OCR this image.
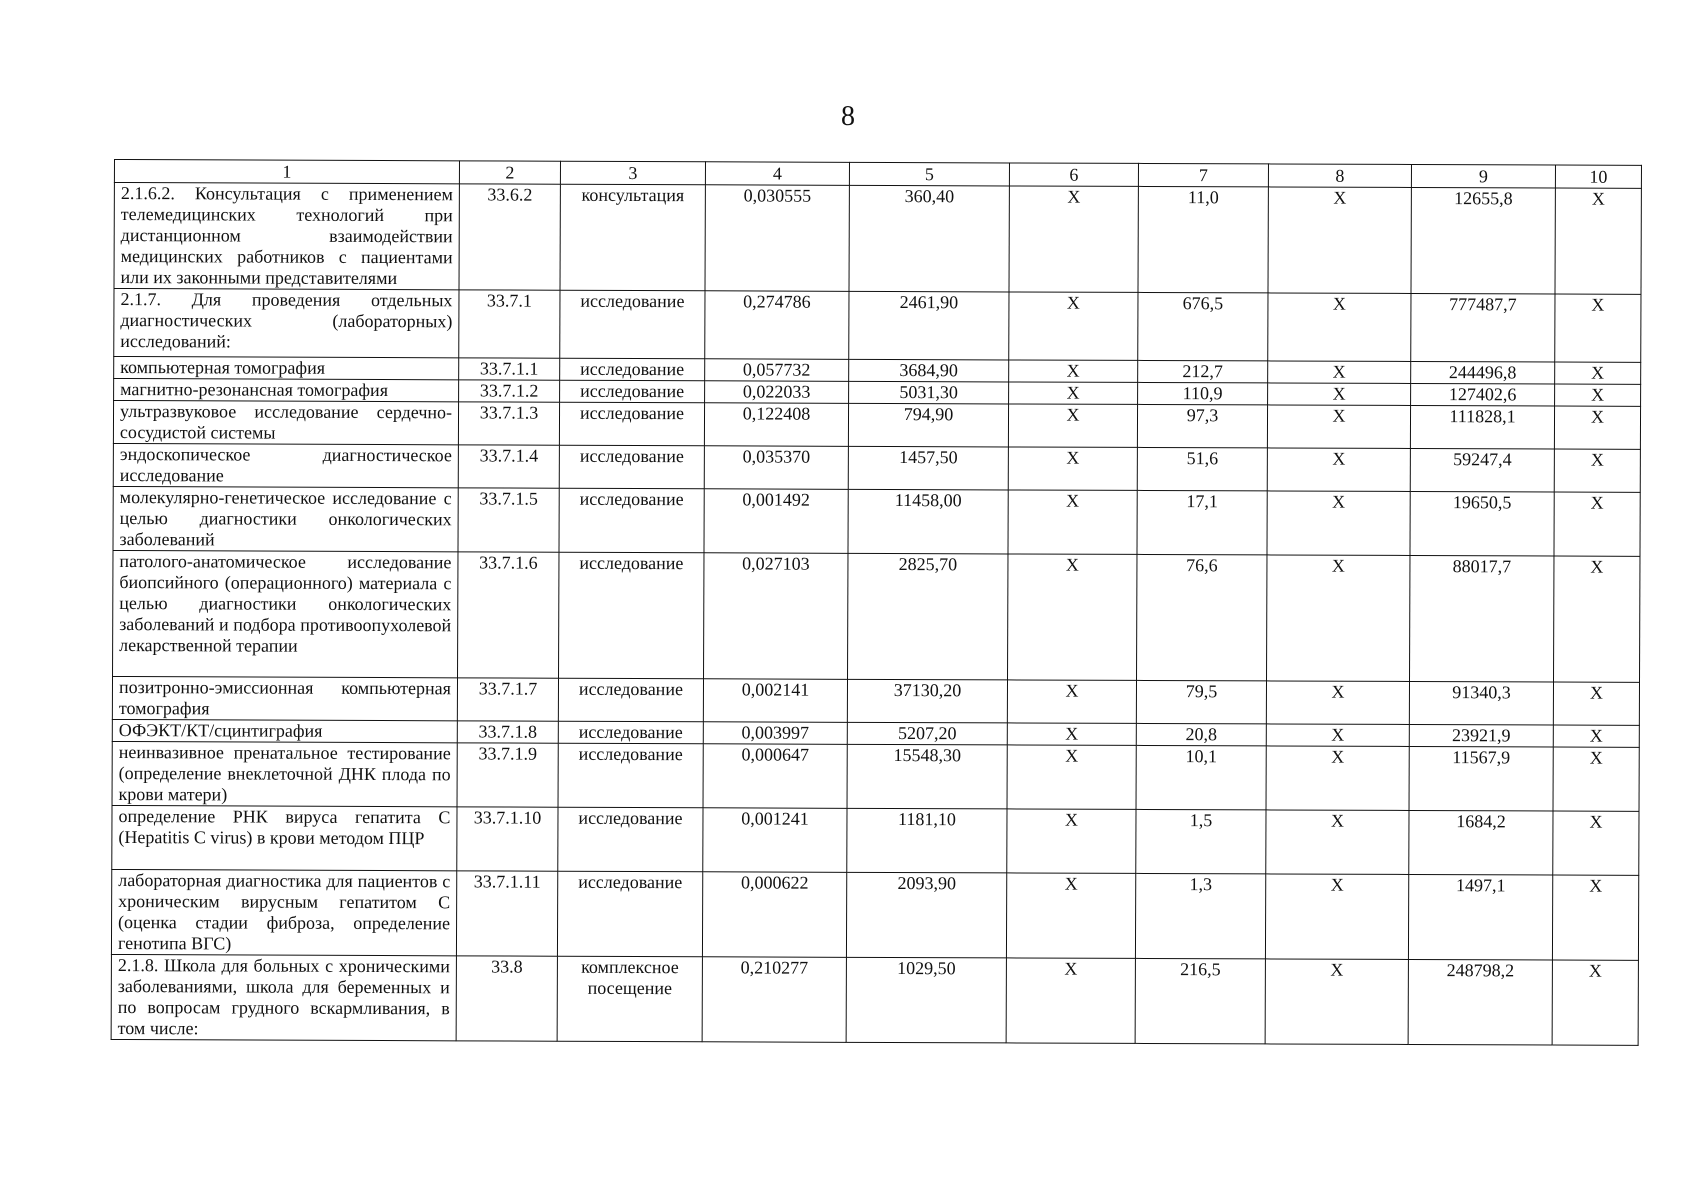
8
1	2	3	4	5	6	7	8	9	10
2.1.6.2. Консультация с применением телемедицинских технологий при дистанционном взаимодействии медицинских работников с пациентами или их законными представителями	33.6.2	консультация	0,030555	360,40	X	11,0	X	12655,8	X
2.1.7. Для проведения отдельных диагностических (лабораторных) исследований:	33.7.1	исследование	0,274786	2461,90	X	676,5	X	777487,7	X
компьютерная томография	33.7.1.1	исследование	0,057732	3684,90	X	212,7	X	244496,8	X
магнитно-резонансная томография	33.7.1.2	исследование	0,022033	5031,30	X	110,9	X	127402,6	X
ультразвуковое исследование сердечно-сосудистой системы	33.7.1.3	исследование	0,122408	794,90	X	97,3	X	111828,1	X
эндоскопическое диагностическое исследование	33.7.1.4	исследование	0,035370	1457,50	X	51,6	X	59247,4	X
молекулярно-генетическое исследование с целью диагностики онкологических заболеваний	33.7.1.5	исследование	0,001492	11458,00	X	17,1	X	19650,5	X
патолого-анатомическое исследование биопсийного (операционного) материала с целью диагностики онкологических заболеваний и подбора противоопухолевой лекарственной терапии	33.7.1.6	исследование	0,027103	2825,70	X	76,6	X	88017,7	X
позитронно-эмиссионная компьютерная томография	33.7.1.7	исследование	0,002141	37130,20	X	79,5	X	91340,3	X
ОФЭКТ/КТ/сцинтиграфия	33.7.1.8	исследование	0,003997	5207,20	X	20,8	X	23921,9	X
неинвазивное пренатальное тестирование (определение внеклеточной ДНК плода по крови матери)	33.7.1.9	исследование	0,000647	15548,30	X	10,1	X	11567,9	X
определение РНК вируса гепатита С (Hepatitis C virus) в крови методом ПЦР	33.7.1.10	исследование	0,001241	1181,10	X	1,5	X	1684,2	X
лабораторная диагностика для пациентов с хроническим вирусным гепатитом С (оценка стадии фиброза, определение генотипа ВГС)	33.7.1.11	исследование	0,000622	2093,90	X	1,3	X	1497,1	X
2.1.8. Школа для больных с хроническими заболеваниями, школа для беременных и по вопросам грудного вскармливания, в том числе:	33.8	комплексное посещение	0,210277	1029,50	X	216,5	X	248798,2	X
